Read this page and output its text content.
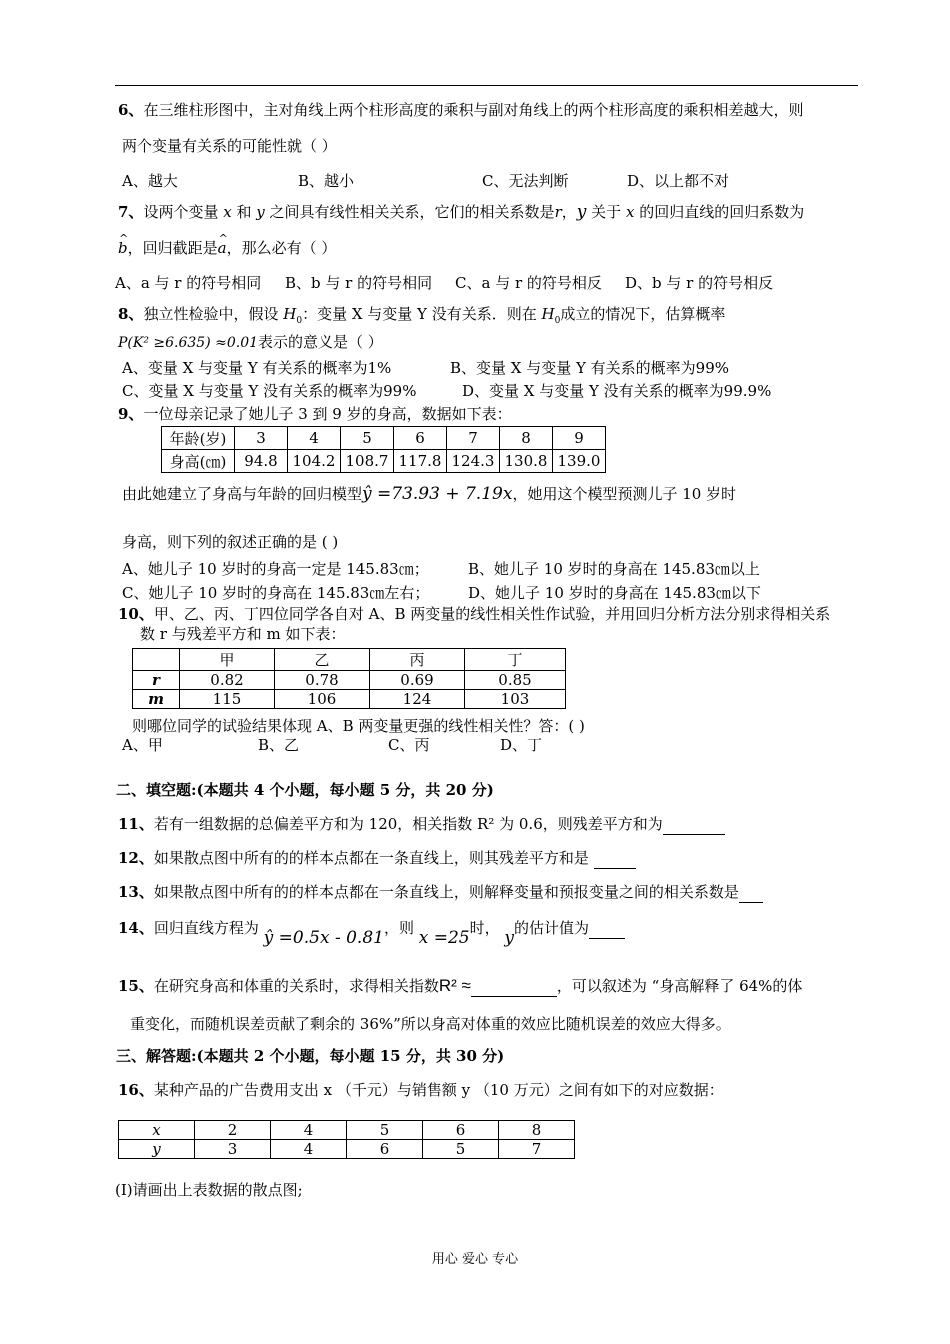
6、在三维柱形图中，主对角线上两个柱形高度的乘积与副对角线上的两个柱形高度的乘积相差越大，则
两个变量有关系的可能性就（ ）
A、越大	B、越小	C、无法判断	D、以上都不对
7、设两个变量 x 和 y 之间具有线性相关关系，它们的相关系数是r，y 关于 x 的回归直线的回归系数为
^ b，回归截距是^ a，那么必有（ ）
A、a 与 r 的符号相同 B、b 与 r 的符号相同 C、a 与 r 的符号相反 D、b 与 r 的符号相反
8、独立性检验中，假设 $H_0$：变量 X 与变量 Y 没有关系．则在 $H_0$成立的情况下，估算概率
P(K² ≥6.635) ≈0.01表示的意义是（ ）
A、变量 X 与变量 Y 有关系的概率为1%	B、变量 X 与变量 Y 有关系的概率为99%
C、变量 X 与变量 Y 没有关系的概率为99%	D、变量 X 与变量 Y 没有关系的概率为99.9%
9、一位母亲记录了她儿子 3 到 9 岁的身高，数据如下表：
年龄(岁)	3	4	5	6	7	8	9
身高(㎝)	94.8	104.2	108.7	117.8	124.3	130.8	139.0
由此她建立了身高与年龄的回归模型ŷ =73.93 + 7.19x，她用这个模型预测儿子 10 岁时
身高，则下列的叙述正确的是 ( )
A、她儿子 10 岁时的身高一定是 145.83㎝；	B、她儿子 10 岁时的身高在 145.83㎝以上
C、她儿子 10 岁时的身高在 145.83㎝左右；	D、她儿子 10 岁时的身高在 145.83㎝以下
10、甲、乙、丙、丁四位同学各自对 A、B 两变量的线性相关性作试验，并用回归分析方法分别求得相关系
数 r 与残差平方和 m 如下表：
	甲	乙	丙	丁
r	0.82	0.78	0.69	0.85
m	115	106	124	103
则哪位同学的试验结果体现 A、B 两变量更强的线性相关性？答：( )
A、甲	B、乙	C、丙	D、丁
二、填空题:(本题共 4 个小题，每小题 5 分，共 20 分)
11、若有一组数据的总偏差平方和为 120，相关指数 R² 为 0.6，则残差平方和为
12、如果散点图中所有的的样本点都在一条直线上，则其残差平方和是
13、如果散点图中所有的的样本点都在一条直线上，则解释变量和预报变量之间的相关系数是
14、回归直线方程为 ŷ =0.5x - 0.81，则 x =25时， y的估计值为
15、在研究身高和体重的关系时，求得相关指数R² ≈	，可以叙述为 “身高解释了 64%的体
重变化，而随机误差贡献了剩余的 36%”所以身高对体重的效应比随机误差的效应大得多。
三、解答题:(本题共 2 个小题，每小题 15 分，共 30 分)
16、某种产品的广告费用支出 x （千元）与销售额 y （10 万元）之间有如下的对应数据：
x	2	4	5	6	8
y	3	4	6	5	7
(Ⅰ)请画出上表数据的散点图;
用心 爱心 专心
